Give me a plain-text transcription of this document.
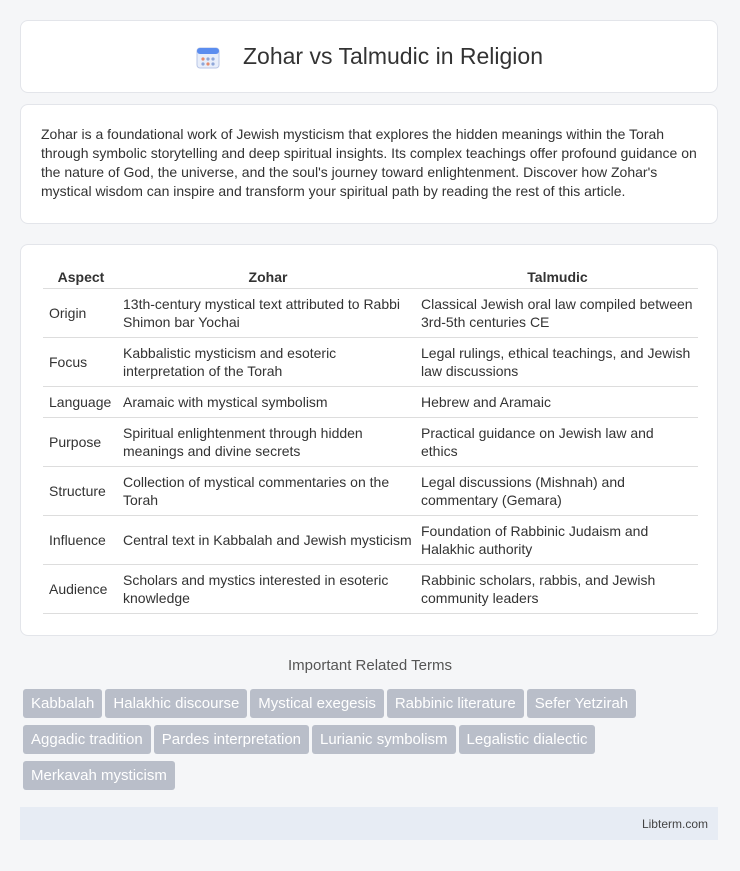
Zohar vs Talmudic in Religion
Zohar is a foundational work of Jewish mysticism that explores the hidden meanings within the Torah through symbolic storytelling and deep spiritual insights. Its complex teachings offer profound guidance on the nature of God, the universe, and the soul's journey toward enlightenment. Discover how Zohar's mystical wisdom can inspire and transform your spiritual path by reading the rest of this article.
Aspect	Zohar	Talmudic
Origin	13th-century mystical text attributed to Rabbi Shimon bar Yochai	Classical Jewish oral law compiled between 3rd-5th centuries CE
Focus	Kabbalistic mysticism and esoteric interpretation of the Torah	Legal rulings, ethical teachings, and Jewish law discussions
Language	Aramaic with mystical symbolism	Hebrew and Aramaic
Purpose	Spiritual enlightenment through hidden meanings and divine secrets	Practical guidance on Jewish law and ethics
Structure	Collection of mystical commentaries on the Torah	Legal discussions (Mishnah) and commentary (Gemara)
Influence	Central text in Kabbalah and Jewish mysticism	Foundation of Rabbinic Judaism and Halakhic authority
Audience	Scholars and mystics interested in esoteric knowledge	Rabbinic scholars, rabbis, and Jewish community leaders
Important Related Terms
Kabbalah Halakhic discourse Mystical exegesis Rabbinic literature Sefer Yetzirah
Aggadic tradition Pardes interpretation Lurianic symbolism Legalistic dialectic
Merkavah mysticism
Libterm.com
